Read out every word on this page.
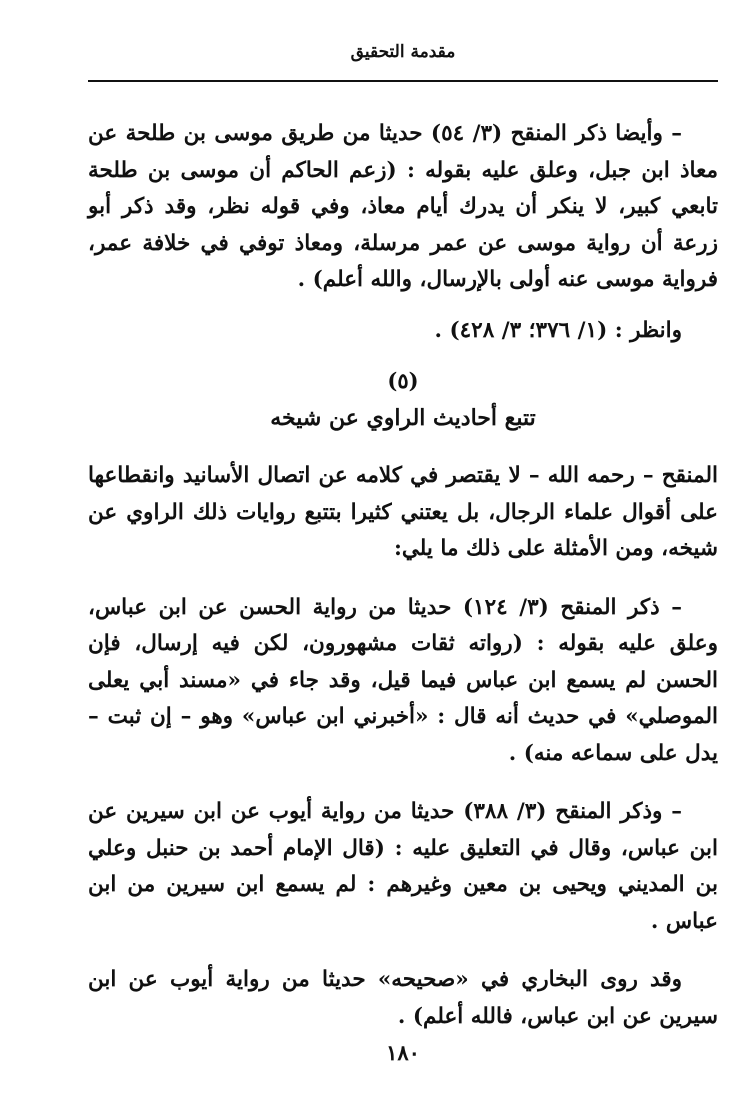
مقدمة التحقيق

– وأيضا ذكر المنقح (٣/ ٥٤) حديثا من طريق موسى بن طلحة عن معاذ ابن جبل، وعلق عليه بقوله : (زعم الحاكم أن موسى بن طلحة تابعي كبير، لا ينكر أن يدرك أيام معاذ، وفي قوله نظر، وقد ذكر أبو زرعة أن رواية موسى عن عمر مرسلة، ومعاذ توفي في خلافة عمر، فرواية موسى عنه أولى بالإرسال، والله أعلم) .

وانظر : (١/ ٣٧٦؛ ٣/ ٤٢٨) .

(٥)

تتبع أحاديث الراوي عن شيخه

المنقح – رحمه الله – لا يقتصر في كلامه عن اتصال الأسانيد وانقطاعها على أقوال علماء الرجال، بل يعتني كثيرا بتتبع روايات ذلك الراوي عن شيخه، ومن الأمثلة على ذلك ما يلي:

– ذكر المنقح (٣/ ١٢٤) حديثا من رواية الحسن عن ابن عباس، وعلق عليه بقوله : (رواته ثقات مشهورون، لكن فيه إرسال، فإن الحسن لم يسمع ابن عباس فيما قيل، وقد جاء في «مسند أبي يعلى الموصلي» في حديث أنه قال : «أخبرني ابن عباس» وهو – إن ثبت – يدل على سماعه منه) .

– وذكر المنقح (٣/ ٣٨٨) حديثا من رواية أيوب عن ابن سيرين عن ابن عباس، وقال في التعليق عليه : (قال الإمام أحمد بن حنبل وعلي بن المديني ويحيى بن معين وغيرهم : لم يسمع ابن سيرين من ابن عباس .

وقد روى البخاري في «صحيحه» حديثا من رواية أيوب عن ابن سيرين عن ابن عباس، فالله أعلم) .

١٨٠
